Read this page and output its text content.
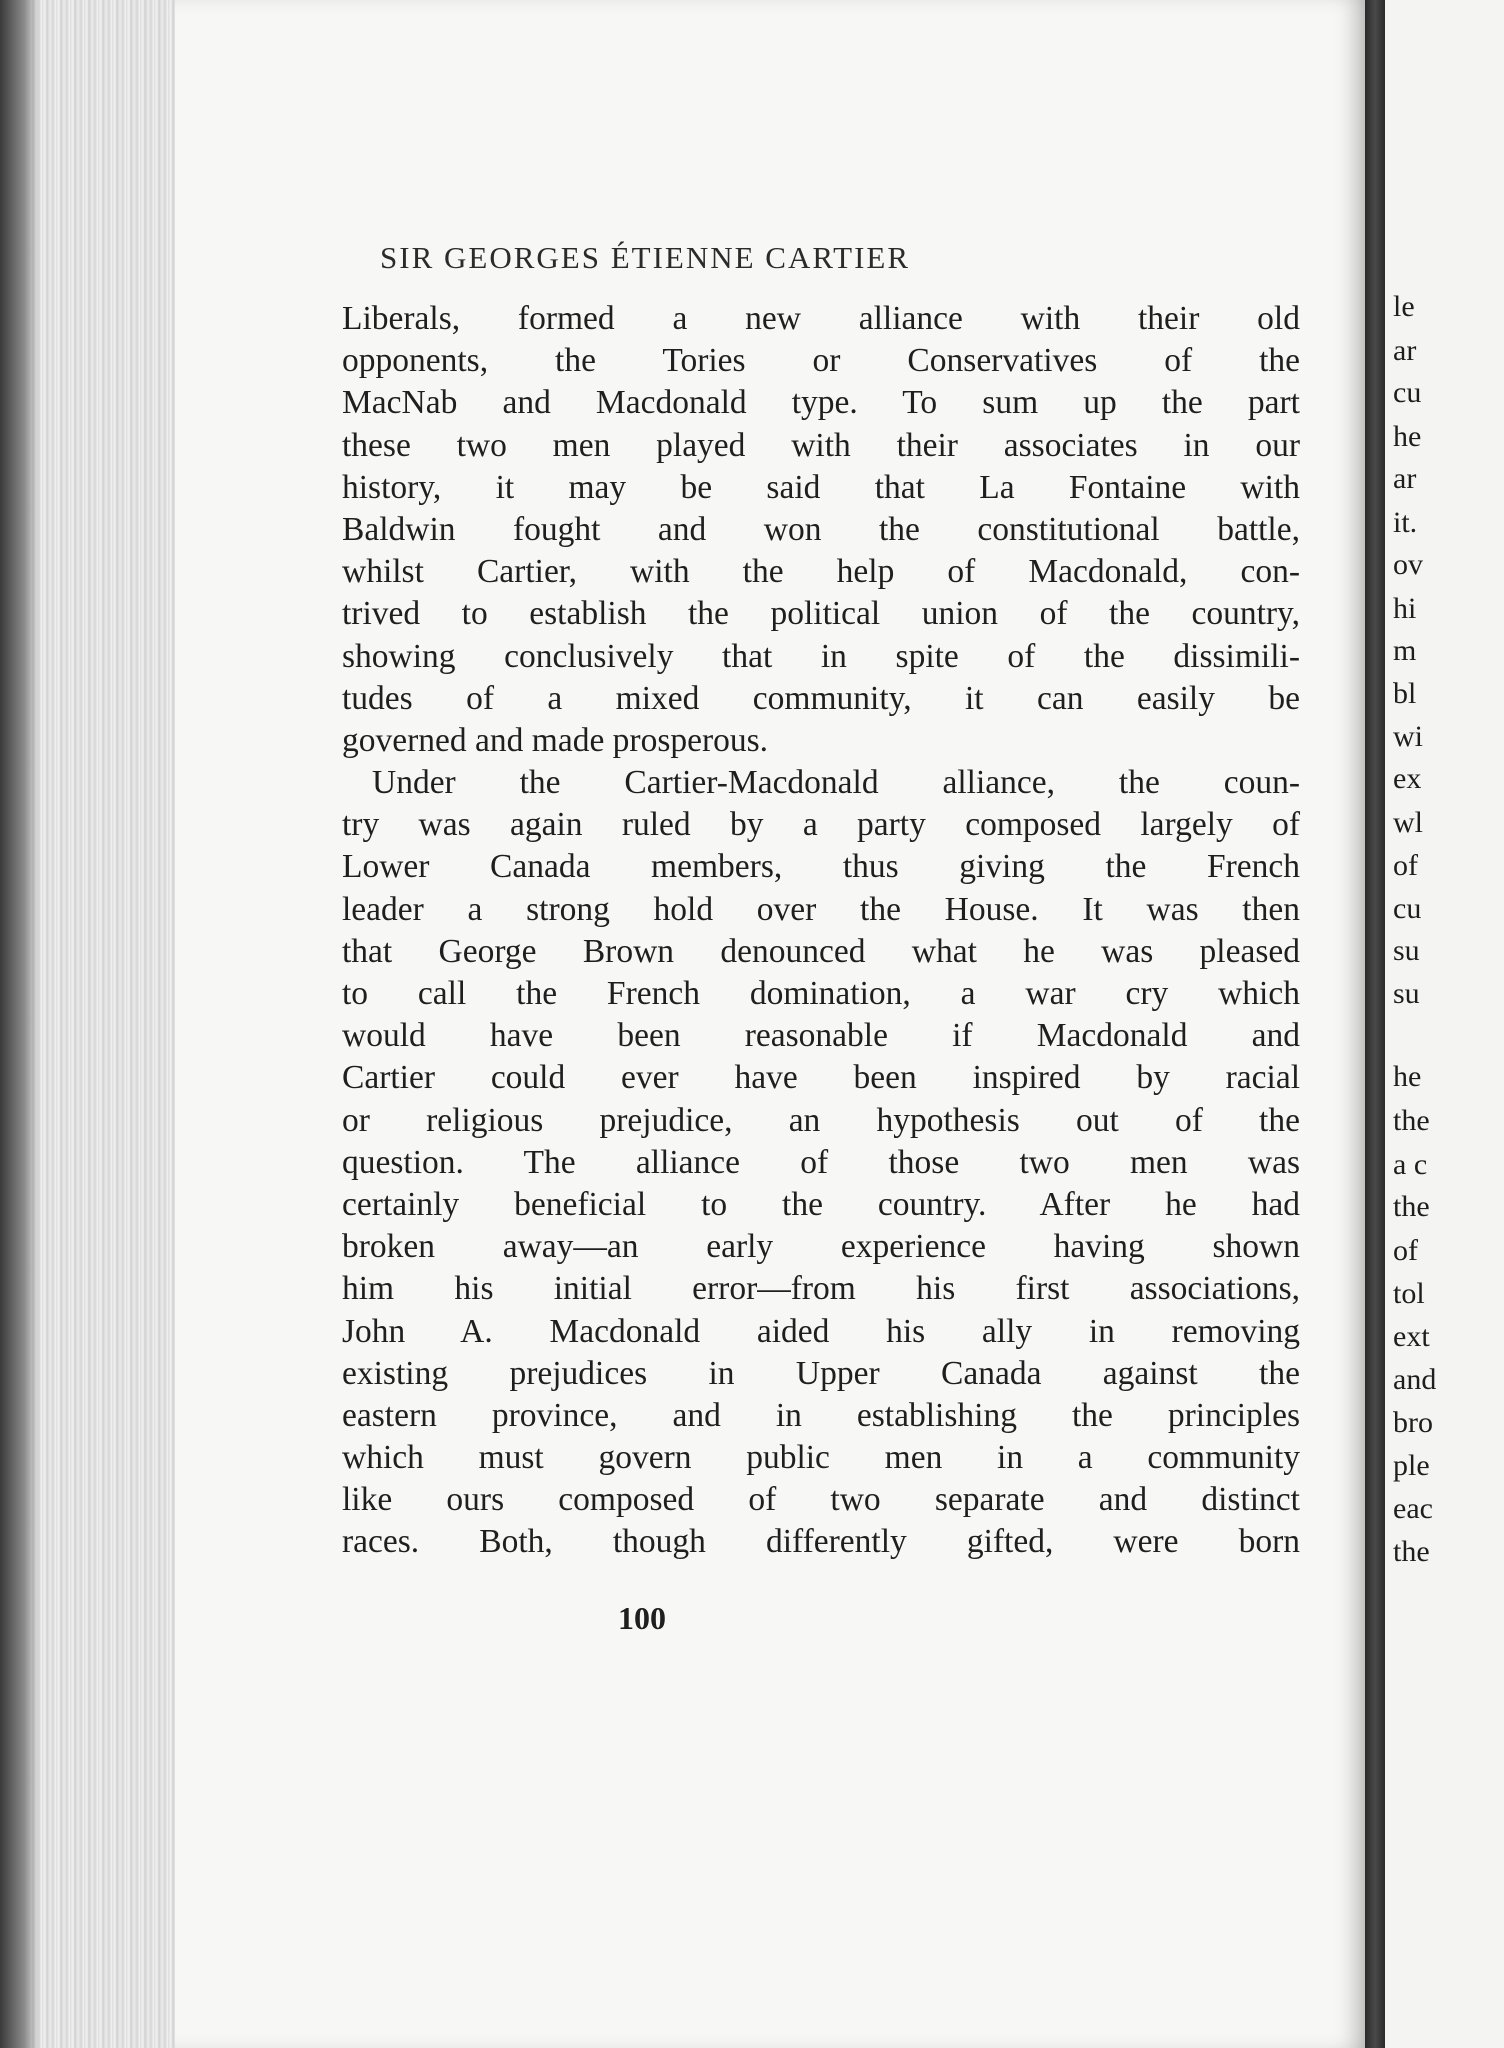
le
ar
cu
he
ar
it.
ov
hi
m
bl
wi
ex
wl
of
cu
su
su
he
the
a c
the
of
tol
ext
and
bro
ple
eac
the
SIR GEORGES ÉTIENNE CARTIER
Liberals, formed a new alliance with their old
opponents, the Tories or Conservatives of the
MacNab and Macdonald type. To sum up the part
these two men played with their associates in our
history, it may be said that La Fontaine with
Baldwin fought and won the constitutional battle,
whilst Cartier, with the help of Macdonald, con-
trived to establish the political union of the country,
showing conclusively that in spite of the dissimili-
tudes of a mixed community, it can easily be
governed and made prosperous.
Under the Cartier-Macdonald alliance, the coun-
try was again ruled by a party composed largely of
Lower Canada members, thus giving the French
leader a strong hold over the House. It was then
that George Brown denounced what he was pleased
to call the French domination, a war cry which
would have been reasonable if Macdonald and
Cartier could ever have been inspired by racial
or religious prejudice, an hypothesis out of the
question. The alliance of those two men was
certainly beneficial to the country. After he had
broken away—an early experience having shown
him his initial error—from his first associations,
John A. Macdonald aided his ally in removing
existing prejudices in Upper Canada against the
eastern province, and in establishing the principles
which must govern public men in a community
like ours composed of two separate and distinct
races. Both, though differently gifted, were born
100
